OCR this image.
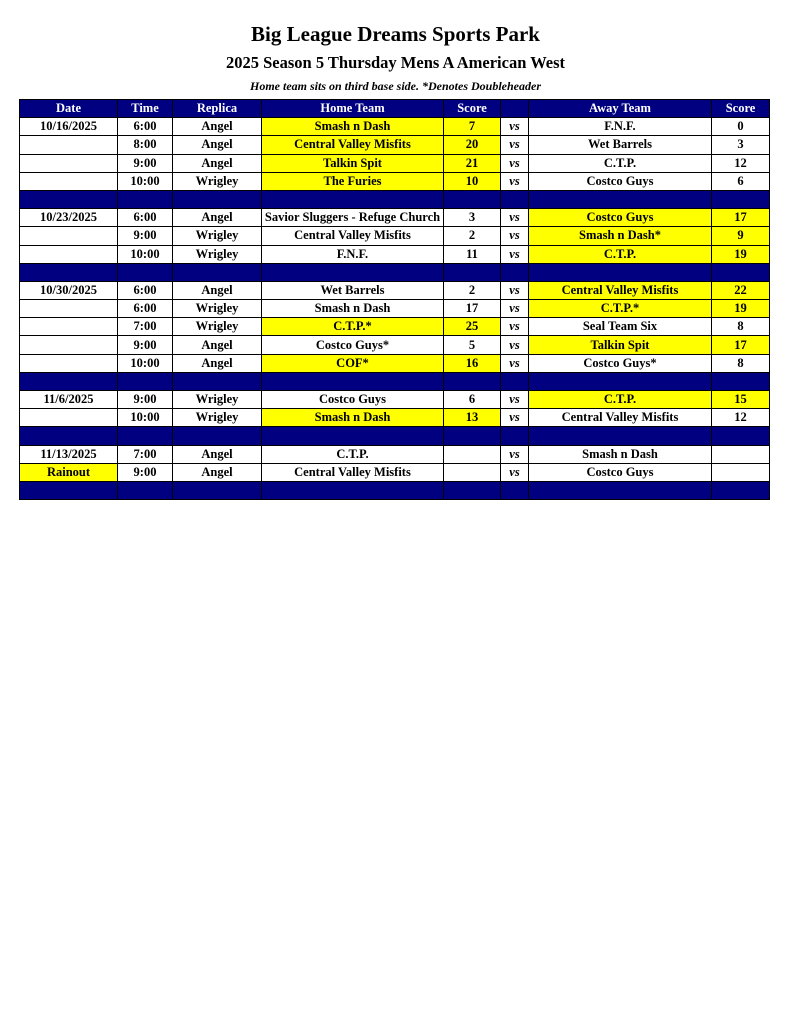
Big League Dreams Sports Park
2025 Season 5 Thursday Mens A American West
Home team sits on third base side. *Denotes Doubleheader
Date	Time	Replica	Home Team	Score		Away Team	Score
10/16/2025	6:00	Angel	Smash n Dash	7	vs	F.N.F.	0
	8:00	Angel	Central Valley Misfits	20	vs	Wet Barrels	3
	9:00	Angel	Talkin Spit	21	vs	C.T.P.	12
	10:00	Wrigley	The Furies	10	vs	Costco Guys	6

10/23/2025	6:00	Angel	Savior Sluggers - Refuge Church	3	vs	Costco Guys	17
	9:00	Wrigley	Central Valley Misfits	2	vs	Smash n Dash*	9
	10:00	Wrigley	F.N.F.	11	vs	C.T.P.	19

10/30/2025	6:00	Angel	Wet Barrels	2	vs	Central Valley Misfits	22
	6:00	Wrigley	Smash n Dash	17	vs	C.T.P.*	19
	7:00	Wrigley	C.T.P.*	25	vs	Seal Team Six	8
	9:00	Angel	Costco Guys*	5	vs	Talkin Spit	17
	10:00	Angel	COF*	16	vs	Costco Guys*	8

11/6/2025	9:00	Wrigley	Costco Guys	6	vs	C.T.P.	15
	10:00	Wrigley	Smash n Dash	13	vs	Central Valley Misfits	12

11/13/2025	7:00	Angel	C.T.P.		vs	Smash n Dash	
Rainout	9:00	Angel	Central Valley Misfits		vs	Costco Guys	
